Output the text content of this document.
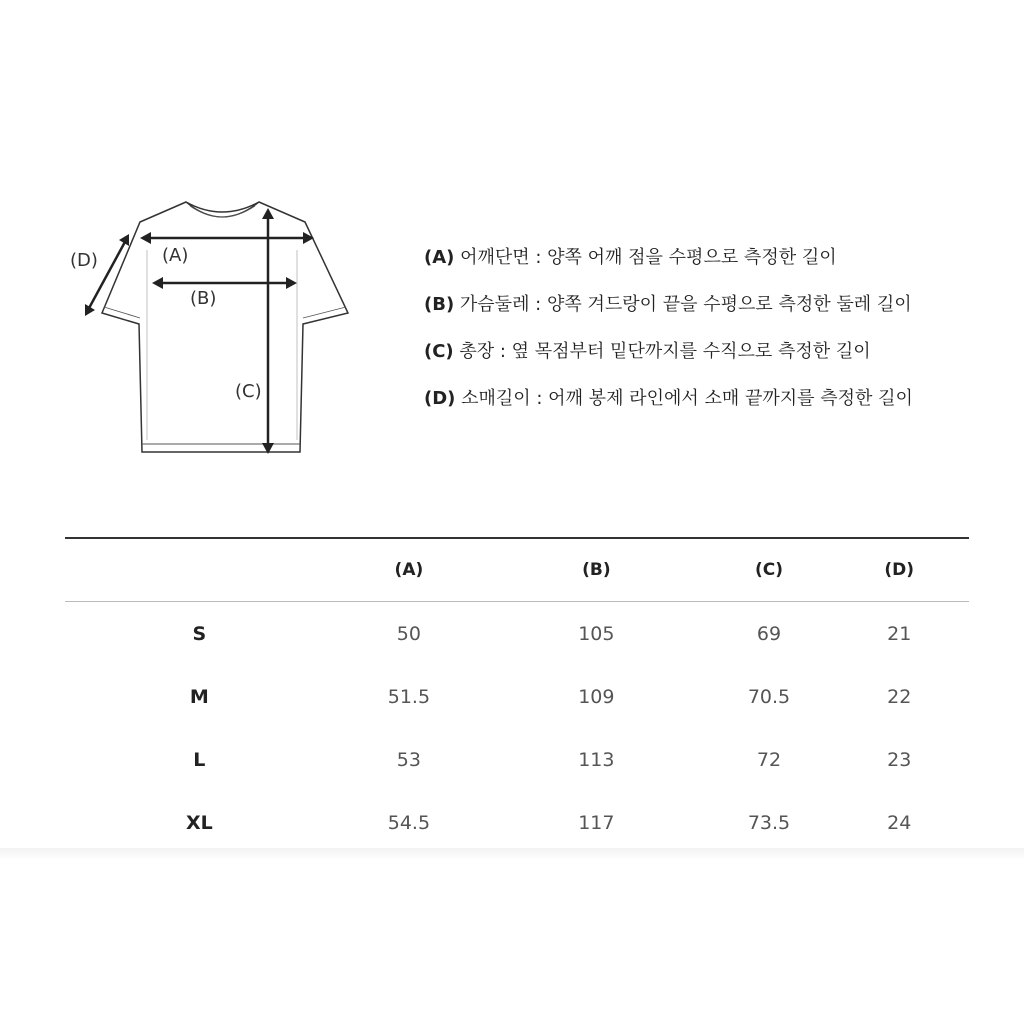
(A)
(B)
(C)
(D)	(A) 어깨단면 : 양쪽 어깨 점을 수평으로 측정한 길이
(B) 가슴둘레 : 양쪽 겨드랑이 끝을 수평으로 측정한 둘레 길이
(C) 총장 : 옆 목점부터 밑단까지를 수직으로 측정한 길이
(D) 소매길이 : 어깨 봉제 라인에서 소매 끝까지를 측정한 길이
	(A)	(B)	(C)	(D)
S	50	105	69	21
M	51.5	109	70.5	22
L	53	113	72	23
XL	54.5	117	73.5	24
